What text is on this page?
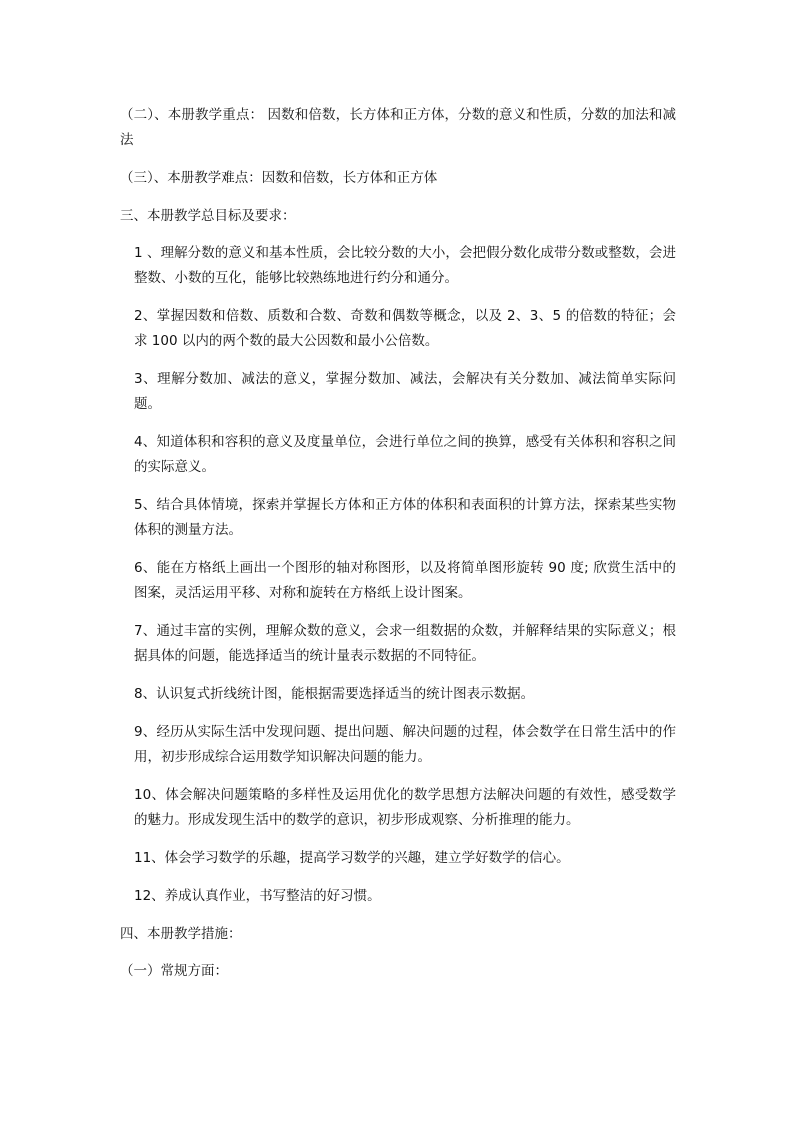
（二）、本册教学重点： 因数和倍数，长方体和正方体，分数的意义和性质，分数的加法和减法

（三）、本册教学难点：因数和倍数，长方体和正方体

三、本册教学总目标及要求：

1 、理解分数的意义和基本性质，会比较分数的大小，会把假分数化成带分数或整数，会进整数、小数的互化，能够比较熟练地进行约分和通分。

2、掌握因数和倍数、质数和合数、奇数和偶数等概念，以及 2、3、5 的倍数的特征；会求 100 以内的两个数的最大公因数和最小公倍数。

3、理解分数加、减法的意义，掌握分数加、减法，会解决有关分数加、减法简单实际问题。

4、知道体积和容积的意义及度量单位，会进行单位之间的换算，感受有关体积和容积之间的实际意义。

5、结合具体情境，探索并掌握长方体和正方体的体积和表面积的计算方法，探索某些实物体积的测量方法。

6、能在方格纸上画出一个图形的轴对称图形，以及将简单图形旋转 90 度; 欣赏生活中的图案，灵活运用平移、对称和旋转在方格纸上设计图案。

7、通过丰富的实例，理解众数的意义，会求一组数据的众数，并解释结果的实际意义；根据具体的问题，能选择适当的统计量表示数据的不同特征。

8、认识复式折线统计图，能根据需要选择适当的统计图表示数据。

9、经历从实际生活中发现问题、提出问题、解决问题的过程，体会数学在日常生活中的作用，初步形成综合运用数学知识解决问题的能力。

10、体会解决问题策略的多样性及运用优化的数学思想方法解决问题的有效性，感受数学的魅力。形成发现生活中的数学的意识，初步形成观察、分析推理的能力。

11、体会学习数学的乐趣，提高学习数学的兴趣，建立学好数学的信心。

12、养成认真作业，书写整洁的好习惯。

四、本册教学措施：

（一）常规方面：
